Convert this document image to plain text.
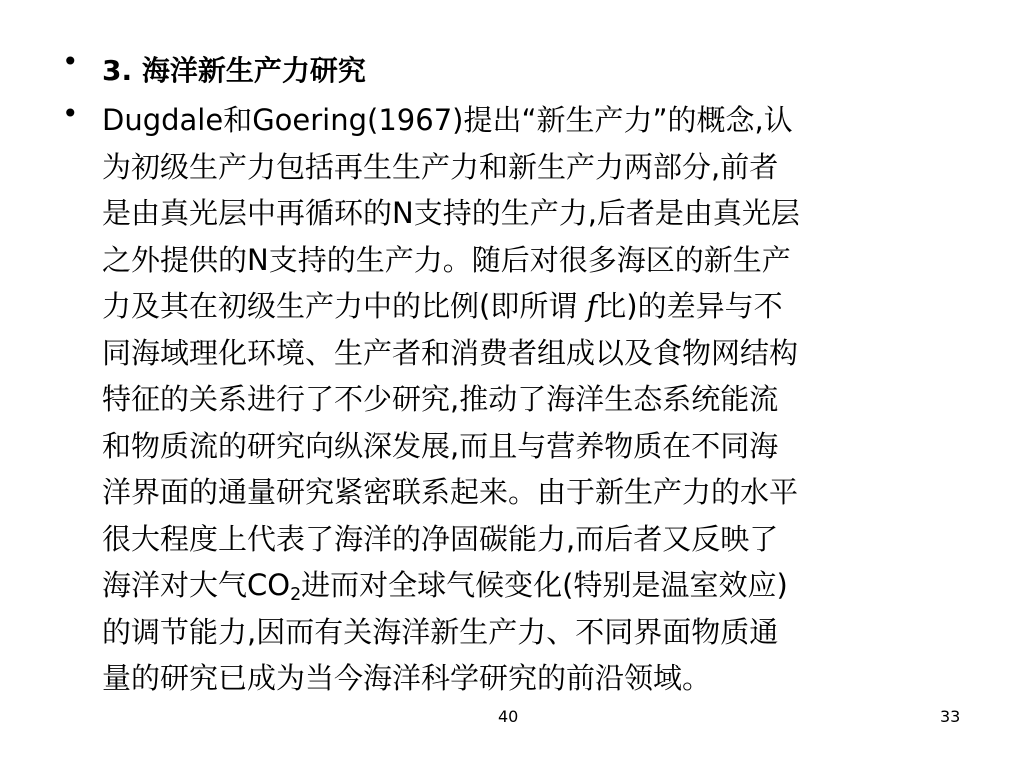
• 3. 海洋新生产力研究
• Dugdale和Goering(1967)提出“新生产力”的概念,认
为初级生产力包括再生生产力和新生产力两部分,前者
是由真光层中再循环的N支持的生产力,后者是由真光层
之外提供的N支持的生产力。随后对很多海区的新生产
力及其在初级生产力中的比例(即所谓 f比)的差异与不
同海域理化环境、生产者和消费者组成以及食物网结构
特征的关系进行了不少研究,推动了海洋生态系统能流
和物质流的研究向纵深发展,而且与营养物质在不同海
洋界面的通量研究紧密联系起来。由于新生产力的水平
很大程度上代表了海洋的净固碳能力,而后者又反映了
海洋对大气$CO_2$进而对全球气候变化(特别是温室效应)
的调节能力,因而有关海洋新生产力、不同界面物质通
量的研究已成为当今海洋科学研究的前沿领域。
40	33
